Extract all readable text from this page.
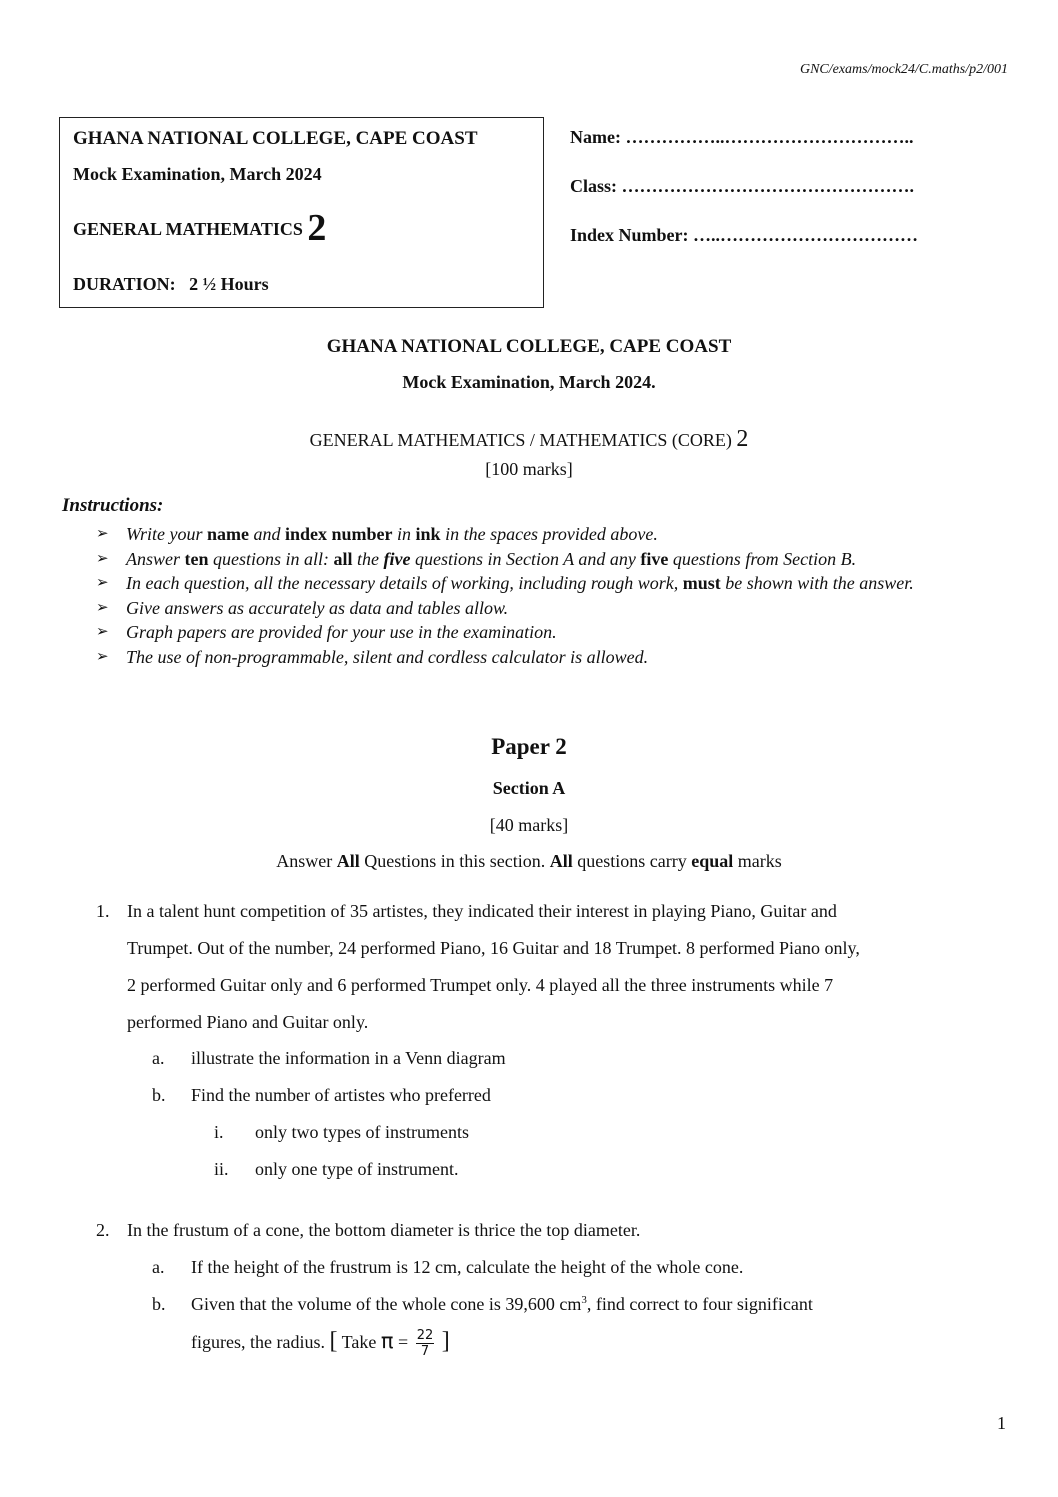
GNC/exams/mock24/C.maths/p2/001
GHANA NATIONAL COLLEGE, CAPE COAST
Mock Examination, March 2024
GENERAL MATHEMATICS 2
DURATION: 2 ½ Hours
Name: ……………..…………………………..
Class: ………………………………………….
Index Number: …..……………………………
GHANA NATIONAL COLLEGE, CAPE COAST
Mock Examination, March 2024.
GENERAL MATHEMATICS / MATHEMATICS (CORE) 2
[100 marks]
Instructions:
➢ Write your name and index number in ink in the spaces provided above.
➢ Answer ten questions in all: all the five questions in Section A and any five questions from Section B.
➢ In each question, all the necessary details of working, including rough work, must be shown with the answer.
➢ Give answers as accurately as data and tables allow.
➢ Graph papers are provided for your use in the examination.
➢ The use of non-programmable, silent and cordless calculator is allowed.
Paper 2
Section A
[40 marks]
Answer All Questions in this section. All questions carry equal marks
1. In a talent hunt competition of 35 artistes, they indicated their interest in playing Piano, Guitar and
Trumpet. Out of the number, 24 performed Piano, 16 Guitar and 18 Trumpet. 8 performed Piano only,
2 performed Guitar only and 6 performed Trumpet only. 4 played all the three instruments while 7
performed Piano and Guitar only.
a. illustrate the information in a Venn diagram
b. Find the number of artistes who preferred
i. only two types of instruments
ii. only one type of instrument.
2. In the frustum of a cone, the bottom diameter is thrice the top diameter.
a. If the height of the frustrum is 12 cm, calculate the height of the whole cone.
b. Given that the volume of the whole cone is 39,600 $cm^3$, find correct to four significant
figures, the radius. [ Take $\pi = \frac{22}{7}$ ]
1
